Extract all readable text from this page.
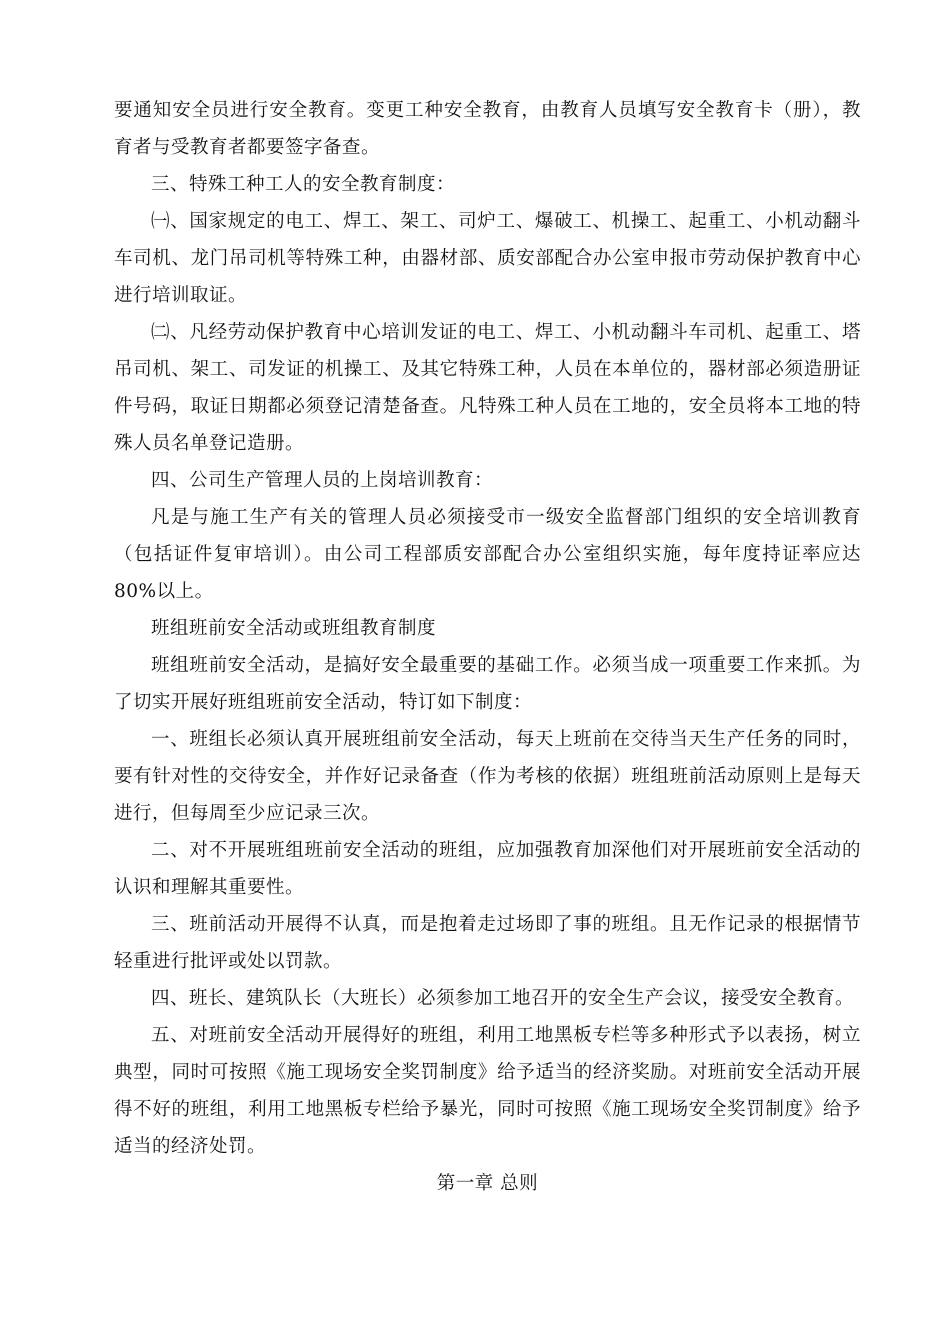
要通知安全员进行安全教育。变更工种安全教育，由教育人员填写安全教育卡（册），教育者与受教育者都要签字备查。

三、特殊工种工人的安全教育制度：

㈠、国家规定的电工、焊工、架工、司炉工、爆破工、机操工、起重工、小机动翻斗车司机、龙门吊司机等特殊工种，由器材部、质安部配合办公室申报市劳动保护教育中心进行培训取证。

㈡、凡经劳动保护教育中心培训发证的电工、焊工、小机动翻斗车司机、起重工、塔吊司机、架工、司发证的机操工、及其它特殊工种，人员在本单位的，器材部必须造册证件号码，取证日期都必须登记清楚备查。凡特殊工种人员在工地的，安全员将本工地的特殊人员名单登记造册。

四、公司生产管理人员的上岗培训教育：

凡是与施工生产有关的管理人员必须接受市一级安全监督部门组织的安全培训教育（包括证件复审培训）。由公司工程部质安部配合办公室组织实施，每年度持证率应达80%以上。

班组班前安全活动或班组教育制度

班组班前安全活动，是搞好安全最重要的基础工作。必须当成一项重要工作来抓。为了切实开展好班组班前安全活动，特订如下制度：

一、班组长必须认真开展班组前安全活动，每天上班前在交待当天生产任务的同时，要有针对性的交待安全，并作好记录备查（作为考核的依据）班组班前活动原则上是每天进行，但每周至少应记录三次。

二、对不开展班组班前安全活动的班组，应加强教育加深他们对开展班前安全活动的认识和理解其重要性。

三、班前活动开展得不认真，而是抱着走过场即了事的班组。且无作记录的根据情节轻重进行批评或处以罚款。

四、班长、建筑队长（大班长）必须参加工地召开的安全生产会议，接受安全教育。

五、对班前安全活动开展得好的班组，利用工地黑板专栏等多种形式予以表扬，树立典型，同时可按照《施工现场安全奖罚制度》给予适当的经济奖励。对班前安全活动开展得不好的班组，利用工地黑板专栏给予暴光，同时可按照《施工现场安全奖罚制度》给予适当的经济处罚。

第一章 总则
